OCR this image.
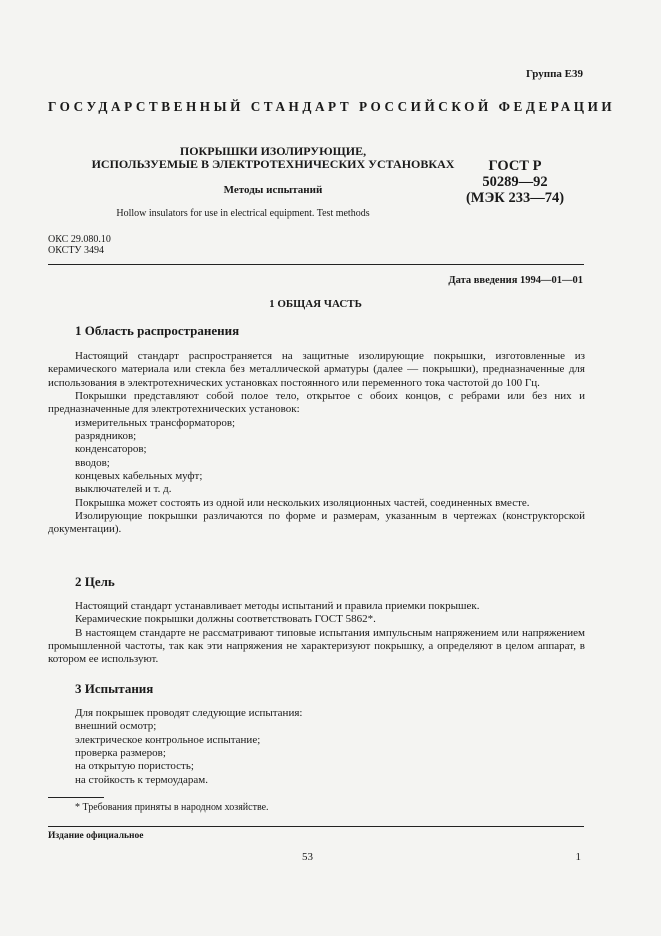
Группа Е39
ГОСУДАРСТВЕННЫЙ СТАНДАРТ РОССИЙСКОЙ ФЕДЕРАЦИИ
ПОКРЫШКИ ИЗОЛИРУЮЩИЕ,
ИСПОЛЬЗУЕМЫЕ В ЭЛЕКТРОТЕХНИЧЕСКИХ УСТАНОВКАХ
Методы испытаний
Hollow insulators for use in electrical equipment. Test methods
ГОСТ Р
50289—92
(МЭК 233—74)
ОКС 29.080.10
ОКСТУ 3494
Дата введения 1994—01—01
1 ОБЩАЯ ЧАСТЬ
1 Область распространения

Настоящий стандарт распространяется на защитные изолирующие покрышки, изготовленные из керамического материала или стекла без металлической арматуры (далее — покрышки), предназначенные для использования в электротехнических установках постоянного или переменного тока частотой до 100 Гц.

Покрышки представляют собой полое тело, открытое с обоих концов, с ребрами или без них и предназначенные для электротехнических установок:

измерительных трансформаторов;

разрядников;

конденсаторов;

вводов;

концевых кабельных муфт;

выключателей и т. д.

Покрышка может состоять из одной или нескольких изоляционных частей, соединенных вместе.

Изолирующие покрышки различаются по форме и размерам, указанным в чертежах (конструкторской документации).

2 Цель

Настоящий стандарт устанавливает методы испытаний и правила приемки покрышек.

Керамические покрышки должны соответствовать ГОСТ 5862*.

В настоящем стандарте не рассматривают типовые испытания импульсным напряжением или напряжением промышленной частоты, так как эти напряжения не характеризуют покрышку, а определяют в целом аппарат, в котором ее используют.

3 Испытания

Для покрышек проводят следующие испытания:

внешний осмотр;

электрическое контрольное испытание;

проверка размеров;

на открытую пористость;

на стойкость к термоударам.

* Требования приняты в народном хозяйстве.
Издание официальное
53	1
